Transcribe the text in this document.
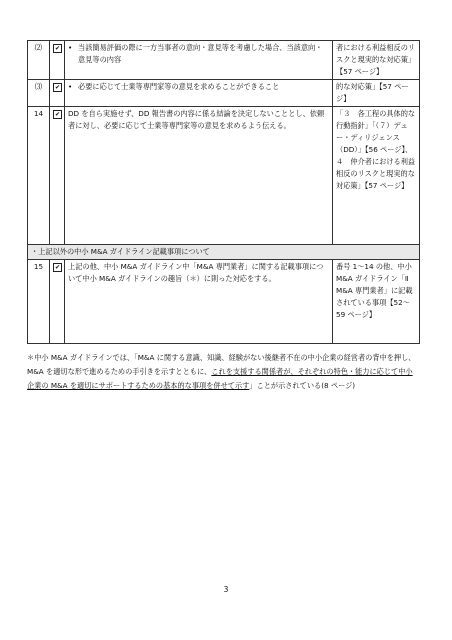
⑵	✔	• 当該簡易評価の際に一方当事者の意向・意見等を考慮した場合、当該意向・意見等の内容	者における利益相反のリスクと現実的な対応策」【57 ページ】
⑶	✔	• 必要に応じて士業等専門家等の意見を求めることができること	的な対応策」【57 ページ】
14	✔	DD を自ら実施せず、DD 報告書の内容に係る結論を決定しないこととし、依頼者に対し、必要に応じて士業等専門家等の意見を求めるよう伝える。	「３　各工程の具体的な行動指針」「（７）デュー・ディリジェンス（DD）」【56 ページ】、４　仲介者における利益相反のリスクと現実的な対応策」【57 ページ】
・上記以外の中小 M&A ガイドライン記載事項について			
15	✔	上記の他、中小 M&A ガイドライン中「M&A 専門業者」に関する記載事項について中小 M&A ガイドラインの趣旨（＊）に則った対応をする。	番号 1～14 の他、中小 M&A ガイドライン「Ⅱ　M&A 専門業者」に記載されている事項【52～59 ページ】
＊中小 M&A ガイドラインでは、「M&A に関する意識、知識、経験がない後継者不在の中小企業の経営者の背中を押し、M&A を適切な形で進めるための手引きを示すとともに、これを支援する関係者が、それぞれの特色・能力に応じて中小企業の M&A を適切にサポートするための基本的な事項を併せて示す」ことが示されている(8 ページ)
3
